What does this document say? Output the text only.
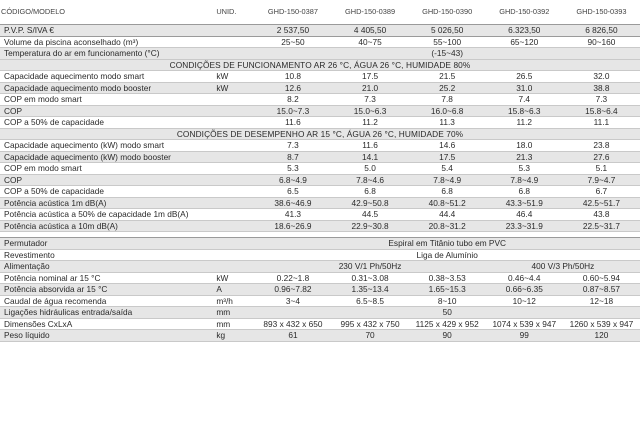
CÓDIGO/MODELO	UNID.	GHD-150-0387	GHD-150-0389	GHD-150-0390	GHD-150-0392	GHD-150-0393
P.V.P. S/IVA €		2 537,50	4 405,50	5 026,50	6.323,50	6 826,50
Volume da piscina aconselhado (m³)		25~50	40~75	55~100	65~120	90~160
Temperatura do ar em funcionamento (°C)		(-15~43)				
CONDIÇÕES DE FUNCIONAMENTO AR 26 °C, ÁGUA 26 °C, HUMIDADE 80%						
Capacidade aquecimento modo smart	kW	10.8	17.5	21.5	26.5	32.0
Capacidade aquecimento modo booster	kW	12.6	21.0	25.2	31.0	38.8
COP em modo smart		8.2	7.3	7.8	7.4	7.3
COP		15.0~7.3	15.0~6.3	16.0~6.8	15.8~6.3	15.8~6.4
COP a 50% de capacidade		11.6	11.2	11.3	11.2	11.1
CONDIÇÕES DE DESEMPENHO AR 15 °C, ÁGUA 26 °C, HUMIDADE 70%						
Capacidade aquecimento (kW) modo smart		7.3	11.6	14.6	18.0	23.8
Capacidade aquecimento (kW) modo booster		8.7	14.1	17.5	21.3	27.6
COP em modo smart		5.3	5.0	5.4	5.3	5.1
COP		6.8~4.9	7.8~4.6	7.8~4.9	7.8~4.9	7.9~4.7
COP a 50% de capacidade		6.5	6.8	6.8	6.8	6.7
Potência acústica 1m dB(A)		38.6~46.9	42.9~50.8	40.8~51.2	43.3~51.9	42.5~51.7
Potência acústica a 50% de capacidade 1m dB(A)		41.3	44.5	44.4	46.4	43.8
Potência acústica a 10m dB(A)		18.6~26.9	22.9~30.8	20.8~31.2	23.3~31.9	22.5~31.7

Permutador		Espiral em Titânio tubo em PVC				
Revestimento		Liga de Alumínio				
Alimentação		230 V/1 Ph/50Hz			400 V/3 Ph/50Hz	
Potência nominal ar 15 °C	kW	0.22~1.8	0.31~3.08	0.38~3.53	0.46~4.4	0.60~5.94
Potência absorvida ar 15 °C	A	0.96~7.82	1.35~13.4	1.65~15.3	0.66~6.35	0.87~8.57
Caudal de água recomenda	m³/h	3~4	6.5~8.5	8~10	10~12	12~18
Ligações hidráulicas entrada/saída	mm	50				
Dimensões CxLxA	mm	893 x 432 x 650	995 x 432 x 750	1125 x 429 x 952	1074 x 539 x 947	1260 x 539 x 947
Peso líquido	kg	61	70	90	99	120
